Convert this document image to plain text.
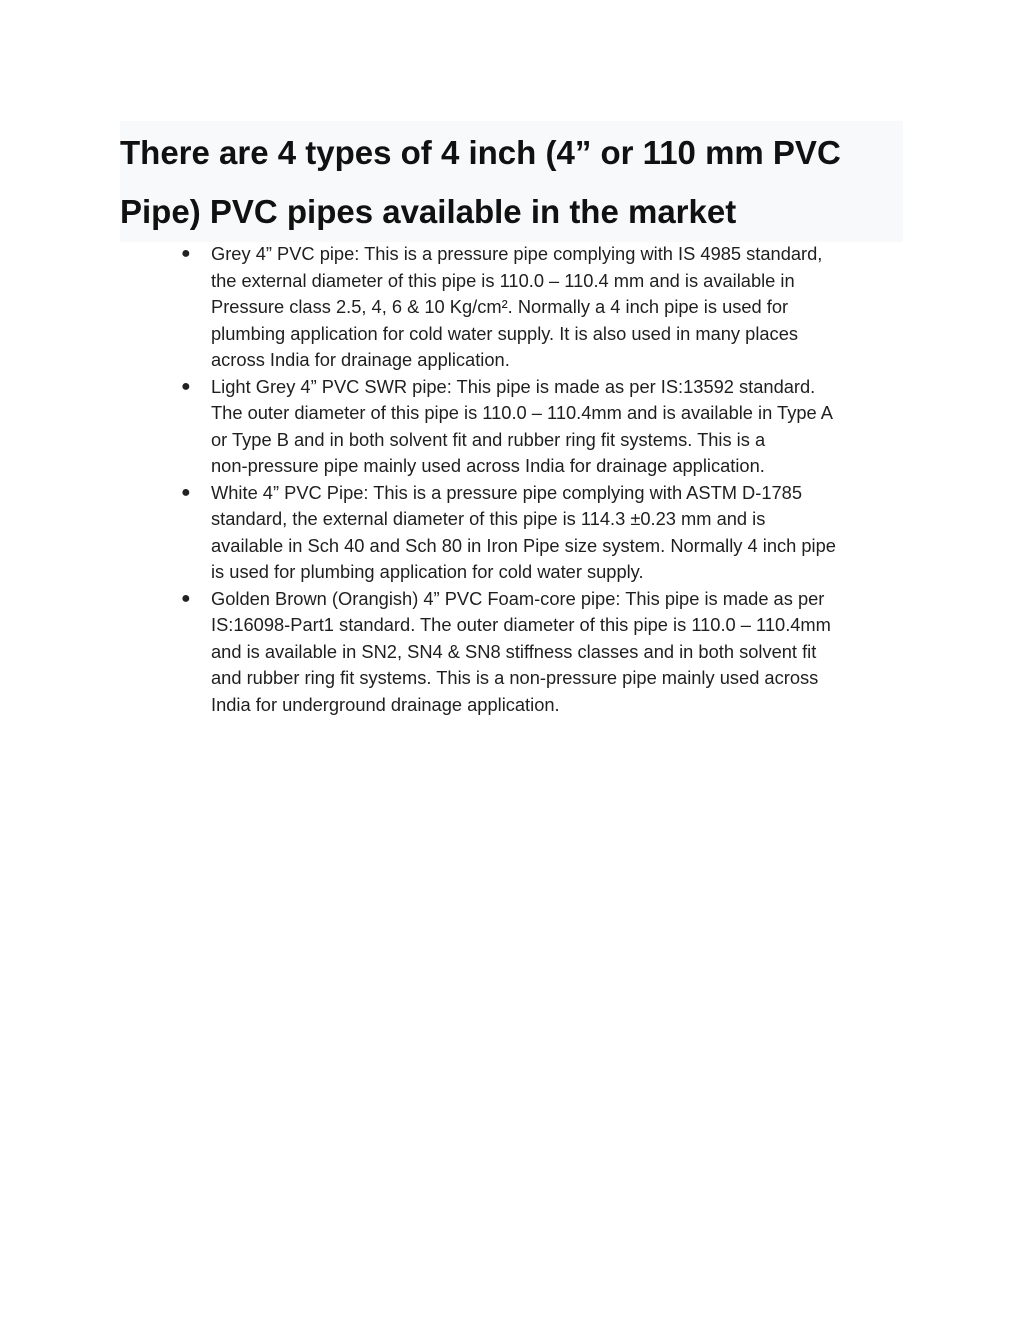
There are 4 types of 4 inch (4” or 110 mm PVC
Pipe) PVC pipes available in the market
● Grey 4” PVC pipe: This is a pressure pipe complying with IS 4985 standard,
the external diameter of this pipe is 110.0 – 110.4 mm and is available in
Pressure class 2.5, 4, 6 & 10 Kg/cm². Normally a 4 inch pipe is used for
plumbing application for cold water supply. It is also used in many places
across India for drainage application.
● Light Grey 4” PVC SWR pipe: This pipe is made as per IS:13592 standard.
The outer diameter of this pipe is 110.0 – 110.4mm and is available in Type A
or Type B and in both solvent fit and rubber ring fit systems. This is a
non-pressure pipe mainly used across India for drainage application.
● White 4” PVC Pipe: This is a pressure pipe complying with ASTM D-1785
standard, the external diameter of this pipe is 114.3 ±0.23 mm and is
available in Sch 40 and Sch 80 in Iron Pipe size system. Normally 4 inch pipe
is used for plumbing application for cold water supply.
● Golden Brown (Orangish) 4” PVC Foam-core pipe: This pipe is made as per
IS:16098-Part1 standard. The outer diameter of this pipe is 110.0 – 110.4mm
and is available in SN2, SN4 & SN8 stiffness classes and in both solvent fit
and rubber ring fit systems. This is a non-pressure pipe mainly used across
India for underground drainage application.
